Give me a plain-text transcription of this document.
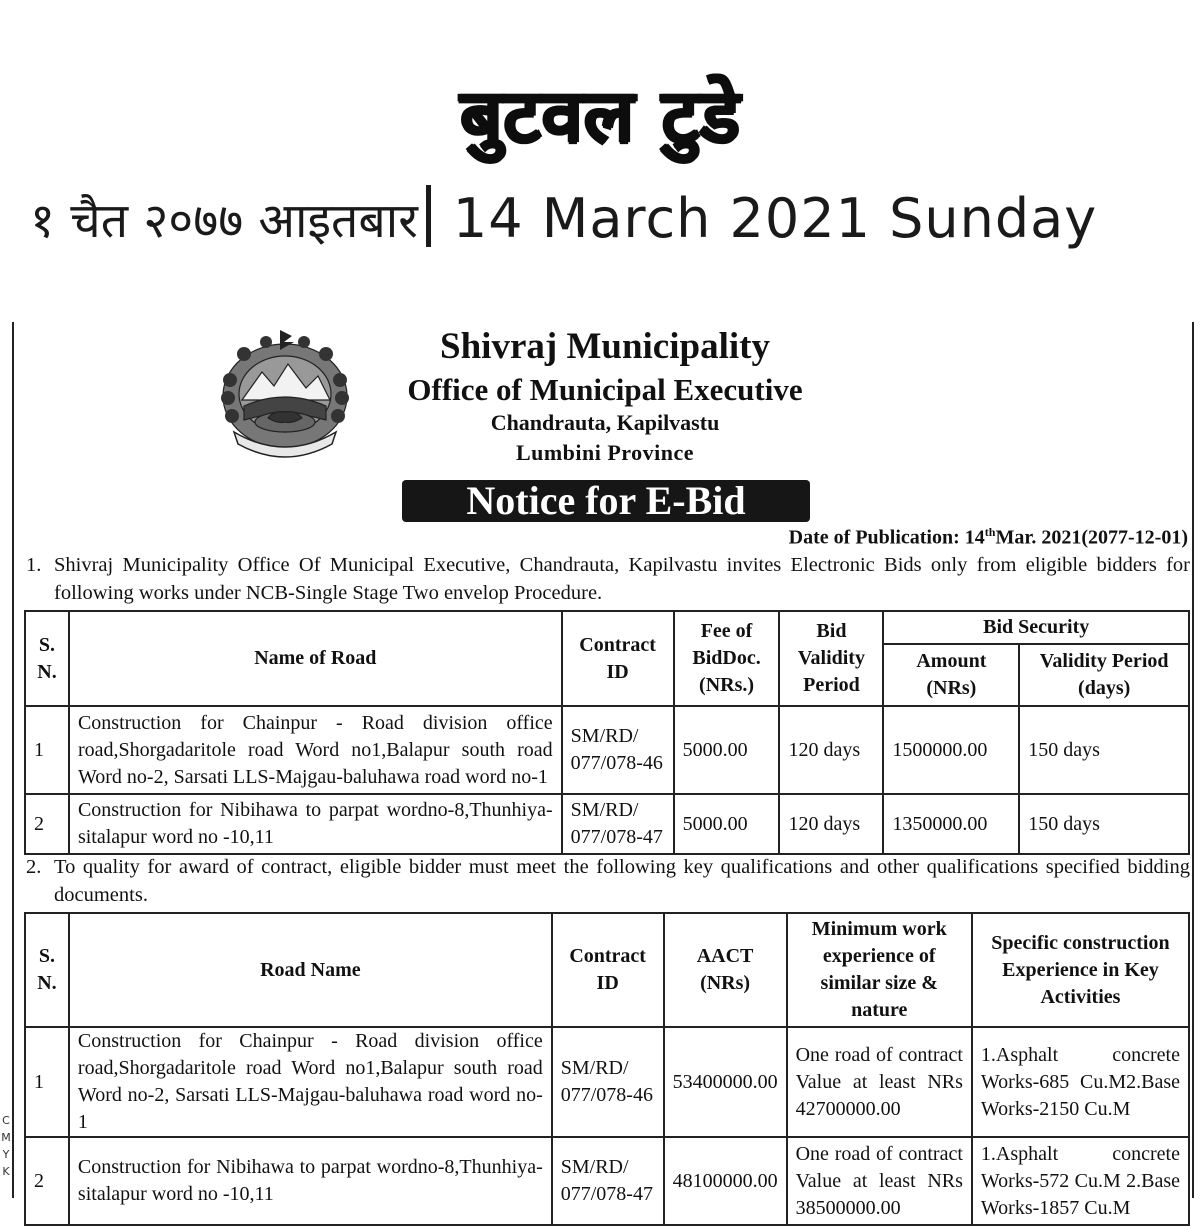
बुटवल टुडे
१ चैत २०७७ आइतबार 14 March 2021 Sunday
C
M
Y
K
Shivraj Municipality
Office of Municipal Executive
Chandrauta, Kapilvastu
Lumbini Province
Notice for E-Bid
Date of Publication: 14thMar. 2021(2077-12-01)
1. Shivraj Municipality Office Of Municipal Executive, Chandrauta, Kapilvastu invites Electronic Bids only from eligible bidders for following works under NCB-Single Stage Two envelop Procedure.
S. N.	Name of Road	Contract ID	Fee of BidDoc. (NRs.)	Bid Validity Period	Bid Security	
					Amount (NRs)	Validity Period (days)
1	Construction for Chainpur - Road division office road,Shorgadaritole road Word no1,Balapur south road Word no-2, Sarsati LLS-Majgau-baluhawa road word no-1	SM/RD/ 077/078-46	5000.00	120 days	1500000.00	150 days
2	Construction for Nibihawa to parpat wordno-8,Thunhiya-sitalapur word no -10,11	SM/RD/ 077/078-47	5000.00	120 days	1350000.00	150 days
2. To quality for award of contract, eligible bidder must meet the following key qualifications and other qualifications specified bidding documents.
S. N.	Road Name	Contract ID	AACT (NRs)	Minimum work experience of similar size & nature	Specific construction Experience in Key Activities
1	Construction for Chainpur - Road division office road,Shorgadaritole road Word no1,Balapur south road Word no-2, Sarsati LLS-Majgau-baluhawa road word no-1	SM/RD/ 077/078-46	53400000.00	One road of contract Value at least NRs 42700000.00	1.Asphalt concrete Works-685 Cu.M2.Base Works-2150 Cu.M
2	Construction for Nibihawa to parpat wordno-8,Thunhiya-sitalapur word no -10,11	SM/RD/ 077/078-47	48100000.00	One road of contract Value at least NRs 38500000.00	1.Asphalt concrete Works-572 Cu.M 2.Base Works-1857 Cu.M
